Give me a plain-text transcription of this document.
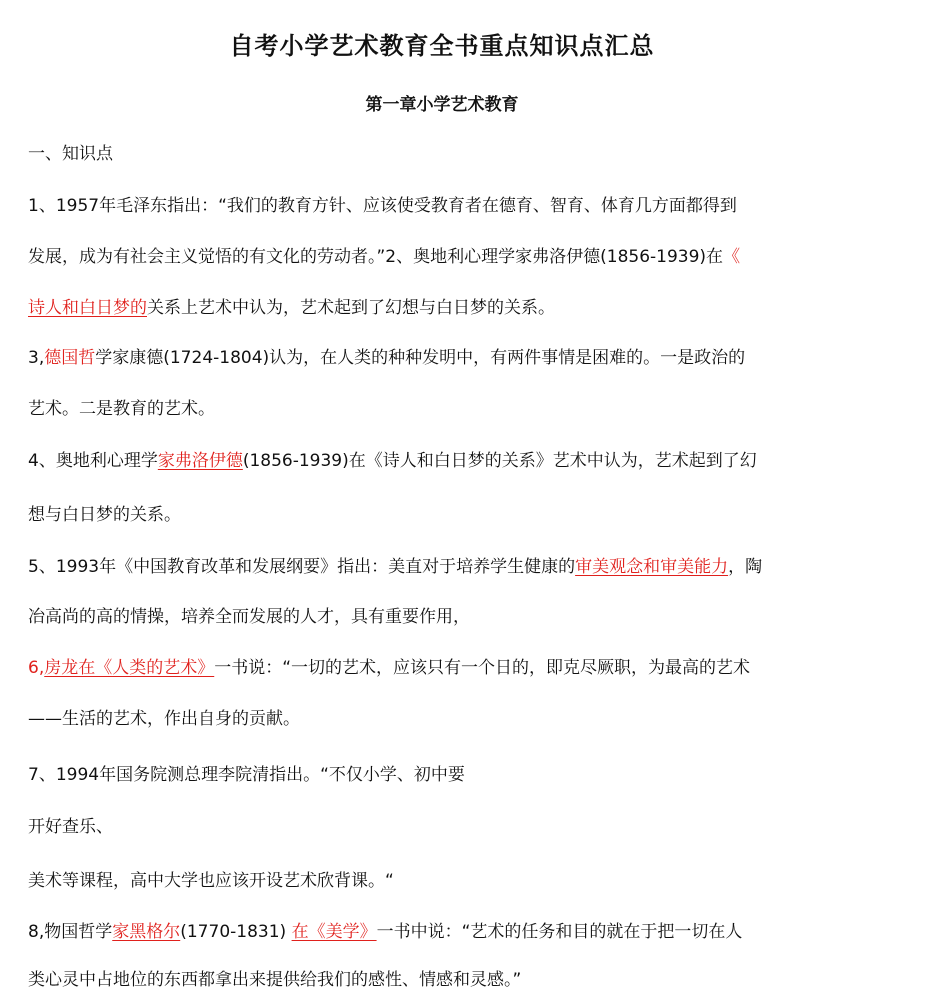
自考小学艺术教育全书重点知识点汇总
第一章小学艺术教育
一、知识点
1、1957年毛泽东指出：“我们的教育方针、应该使受教育者在德育、智育、体育几方面都得到
发展，成为有社会主义觉悟的有文化的劳动者。”2、奥地利心理学家弗洛伊德(1856-1939)在《
诗人和白日梦的关系上艺术中认为，艺术起到了幻想与白日梦的关系。
3,德国哲学家康德(1724-1804)认为，在人类的种种发明中，有两件事情是困难的。一是政治的
艺术。二是教育的艺术。
4、奥地利心理学家弗洛伊德(1856-1939)在《诗人和白日梦的关系》艺术中认为，艺术起到了幻
想与白日梦的关系。
5、1993年《中国教育改革和发展纲要》指出：美直对于培养学生健康的审美观念和审美能力，陶
冶高尚的高的情操，培养全而发展的人才，具有重要作用，
6,房龙在《人类的艺术》一书说：“一切的艺术，应该只有一个日的，即克尽厥职，为最高的艺术
——生活的艺术，作出自身的贡献。
7、1994年国务院测总理李院清指出。“不仅小学、初中要
开好查乐、
美术等课程，高中大学也应该开设艺术欣背课。“
8,物国哲学家黑格尔(1770-1831) 在《美学》一书中说：“艺术的任务和目的就在于把一切在人
类心灵中占地位的东西都拿出来提供给我们的感性、情感和灵感。”
